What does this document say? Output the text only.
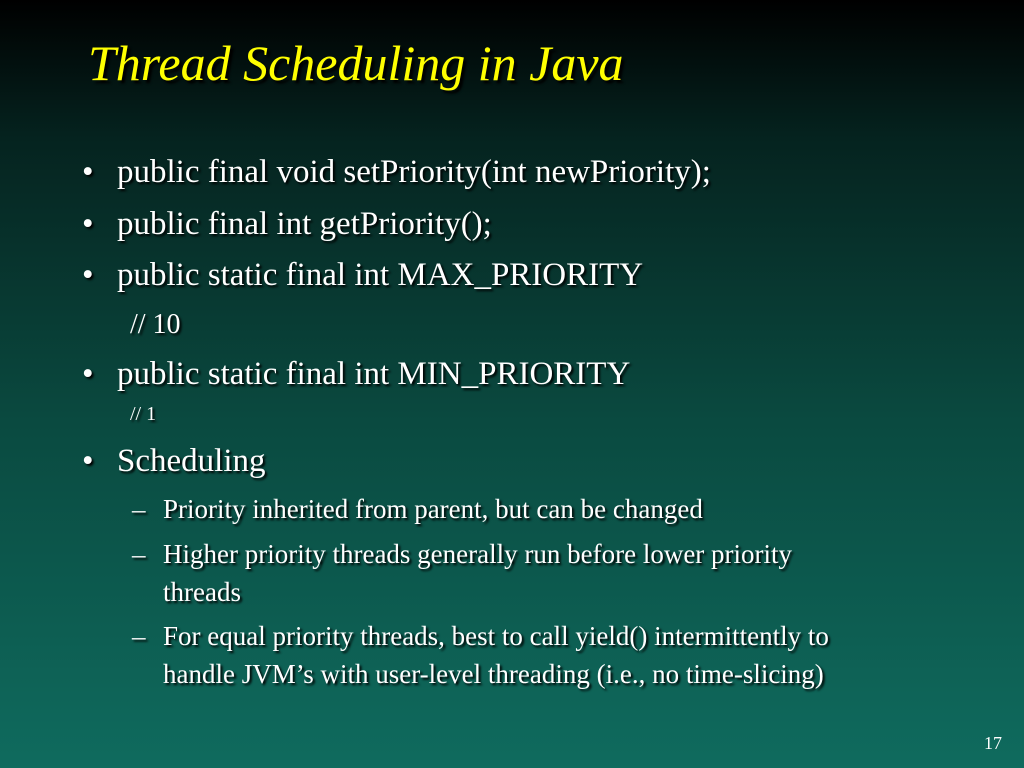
Thread Scheduling in Java
• public final void setPriority(int newPriority);
• public final int getPriority();
• public static final int MAX_PRIORITY
// 10
• public static final int MIN_PRIORITY
// 1
• Scheduling
– Priority inherited from parent, but can be changed
– Higher priority threads generally run before lower priority threads
– For equal priority threads, best to call yield() intermittently to handle JVM’s with user-level threading (i.e., no time-slicing)
17
